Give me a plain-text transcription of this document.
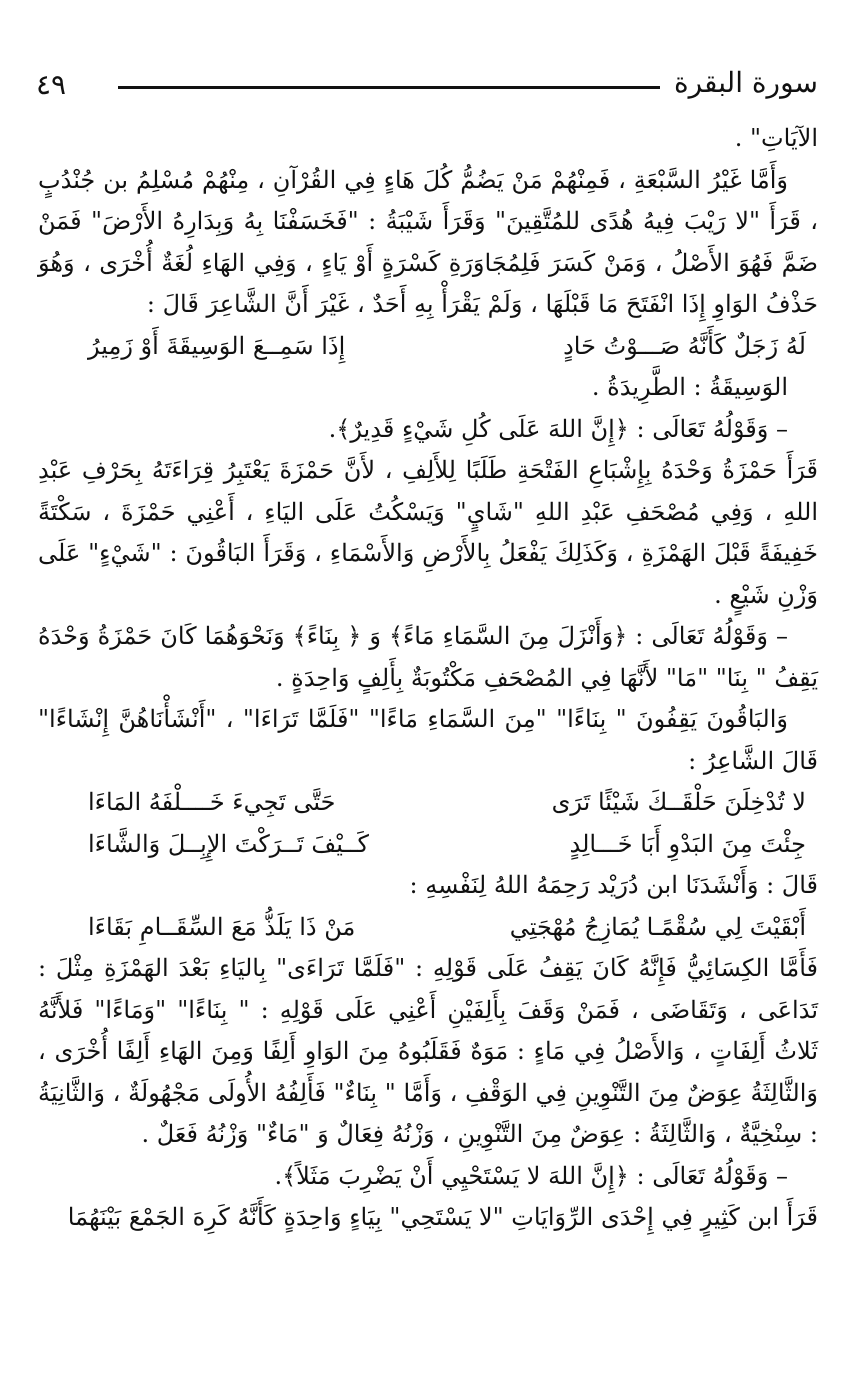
٤٩	سورة البقرة

الآيَاتِ" .

وَأَمَّا غَيْرُ السَّبْعَةِ ، فَمِنْهُمْ مَنْ يَضُمُّ كُلَ هَاءٍ فِي القُرْآنِ ، مِنْهُمْ مُسْلِمُ بن جُنْدُبٍ ، قَرَأَ "لا رَيْبَ فِيهُ هُدًى للمُتَّقِينَ" وَقَرَأَ شَيْبَةُ : "فَخَسَفْنَا بِهُ وَبِدَارِهُ الأَرْضَ" فَمَنْ ضَمَّ فَهُوَ الأَصْلُ ، وَمَنْ كَسَرَ فَلِمُجَاوَرَةِ كَسْرَةٍ أَوْ يَاءٍ ، وَفِي الهَاءِ لُغَةٌ أُخْرَى ، وَهُوَ حَذْفُ الوَاوِ إِذَا انْفَتَحَ مَا قَبْلَهَا ، وَلَمْ يَقْرَأْ بِهِ أَحَدٌ ، غَيْرَ أَنَّ الشَّاعِرَ قَالَ :

لَهُ زَجَلٌ كَأَنَّهُ صَـــوْتُ حَادٍ
إِذَا سَمِــعَ الوَسِيقَةَ أَوْ زَمِيرُ

الوَسِيقَةُ : الطَّرِيدَةُ .

– وَقَوْلُهُ تَعَالَى : ﴿إِنَّ اللهَ عَلَى كُلِ شَيْءٍ قَدِيرٌ﴾.

قَرَأَ حَمْزَةُ وَحْدَهُ بِإِشْبَاعِ الفَتْحَةِ طَلَبًا لِلأَلِفِ ، لأَنَّ حَمْزَةَ يَعْتَبِرُ قِرَاءَتَهُ بِحَرْفِ عَبْدِ اللهِ ، وَفِي مُصْحَفِ عَبْدِ اللهِ "شَايٍ" وَيَسْكُتُ عَلَى اليَاءِ ، أَعْنِي حَمْزَةَ ، سَكْتَةً خَفِيفَةً قَبْلَ الهَمْزَةِ ، وَكَذَلِكَ يَفْعَلُ بِالأَرْضِ وَالأَسْمَاءِ ، وَقَرَأَ البَاقُونَ : "شَيْءٍ" عَلَى وَزْنِ شَيْعٍ .

– وَقَوْلُهُ تَعَالَى : ﴿وَأَنْزَلَ مِنَ السَّمَاءِ مَاءً﴾ وَ ﴿ بِنَاءً﴾ وَنَحْوَهُمَا كَانَ حَمْزَةُ وَحْدَهُ يَقِفُ " بِنَا" "مَا" لأَنَّهَا فِي المُصْحَفِ مَكْتُوبَةٌ بِأَلِفٍ وَاحِدَةٍ .

وَالبَاقُونَ يَقِفُونَ " بِنَاءًا" "مِنَ السَّمَاءِ مَاءًا" "فَلَمَّا تَرَاءَا" ، "أَنْشَأْنَاهُنَّ إِنْشَاءًا" قَالَ الشَّاعِرُ :

لا تُدْخِلَنَ حَلْقَــكَ شَيْئًا تَرَى
حَتَّى تَجِيءَ خَــــلْفَهُ المَاءَا
جِئْتَ مِنَ البَدْوِ أَبَا خَـــالِدٍ
كَــيْفَ تَــرَكْتَ الإِبِــلَ وَالشَّاءَا

قَالَ : وَأَنْشَدَنَا ابن دُرَيْد رَحِمَهُ اللهُ لِنَفْسِهِ :

أَبْقَيْتَ لِي سُقْمًـا يُمَازِجُ مُهْجَتِي
مَنْ ذَا يَلَذُّ مَعَ السِّقَــامِ بَقَاءَا

فَأَمَّا الكِسَائِيُّ فَإِنَّهُ كَانَ يَقِفُ عَلَى قَوْلِهِ : "فَلَمَّا تَرَاءَى" بِاليَاءِ بَعْدَ الهَمْزَةِ مِثْلَ : تَدَاعَى ، وَتَقَاضَى ، فَمَنْ وَقَفَ بِأَلِفَيْنِ أَعْنِي عَلَى قَوْلِهِ : " بِنَاءًا" "وَمَاءًا" فَلأَنَّهُ ثَلاثُ أَلِفَاتٍ ، وَالأَصْلُ فِي مَاءٍ : مَوَهٌ فَقَلَبُوهُ مِنَ الوَاوِ أَلِفًا وَمِنَ الهَاءِ أَلِفًا أُخْرَى ، وَالثَّالِثَةُ عِوَضٌ مِنَ التَّنْوِينِ فِي الوَقْفِ ، وَأَمَّا " بِنَاءٌ" فَأَلِفُهُ الأُولَى مَجْهُولَةٌ ، وَالثَّانِيَةُ : سِنْخِيَّةٌ ، وَالثَّالِثَةُ : عِوَضٌ مِنَ التَّنْوِينِ ، وَزْنُهُ فِعَالٌ وَ "مَاءٌ" وَزْنُهُ فَعَلٌ .

– وَقَوْلُهُ تَعَالَى : ﴿إِنَّ اللهَ لا يَسْتَحْيِي أَنْ يَضْرِبَ مَثَلاً﴾.

قَرَأَ ابن كَثِيرٍ فِي إِحْدَى الرِّوَايَاتِ "لا يَسْتَحِي" بِيَاءٍ وَاحِدَةٍ كَأَنَّهُ كَرِهَ الجَمْعَ بَيْنَهُمَا
